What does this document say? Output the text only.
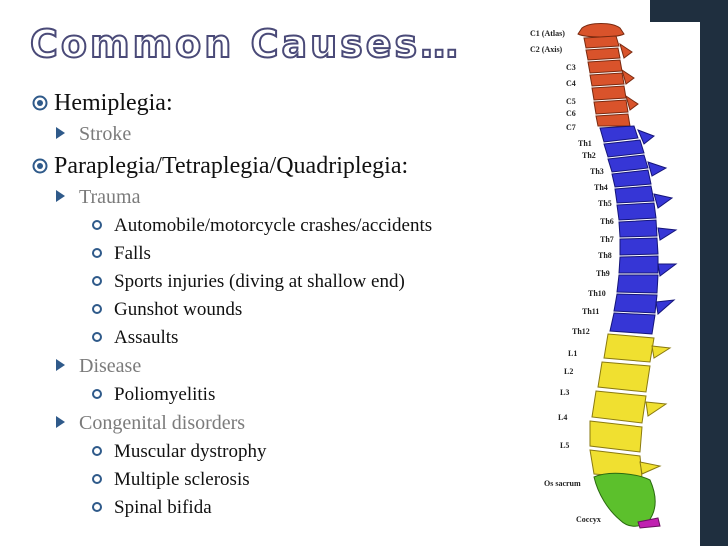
Common Causes…
Hemiplegia:
Stroke
Paraplegia/Tetraplegia/Quadriplegia:
Trauma
Automobile/motorcycle crashes/accidents
Falls
Sports injuries (diving at shallow end)
Gunshot wounds
Assaults
Disease
Poliomyelitis
Congenital disorders
Muscular dystrophy
Multiple sclerosis
Spinal bifida
C1 (Atlas)
C2 (Axis)
C3
C4
C5
C6
C7
Th1
Th2
Th3
Th4
Th5
Th6
Th7
Th8
Th9
Th10
Th11
Th12
L1
L2
L3
L4
L5
Os sacrum
Coccyx
